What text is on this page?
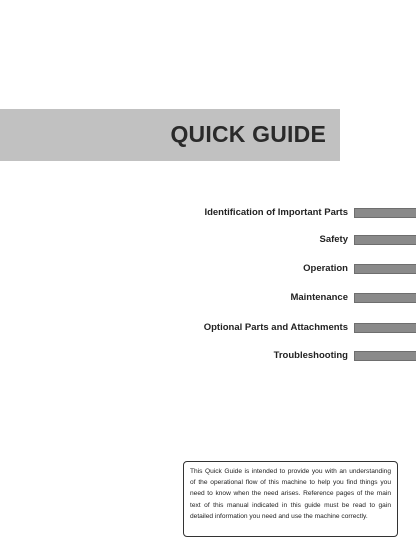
QUICK GUIDE
Identification of Important Parts
Safety
Operation
Maintenance
Optional Parts and Attachments
Troubleshooting

This Quick Guide is intended to provide you with an understanding of the operational flow of this machine to help you find things you need to know when the need arises. Reference pages of the main text of this manual indicated in this guide must be read to gain detailed information you need and use the machine correctly.
